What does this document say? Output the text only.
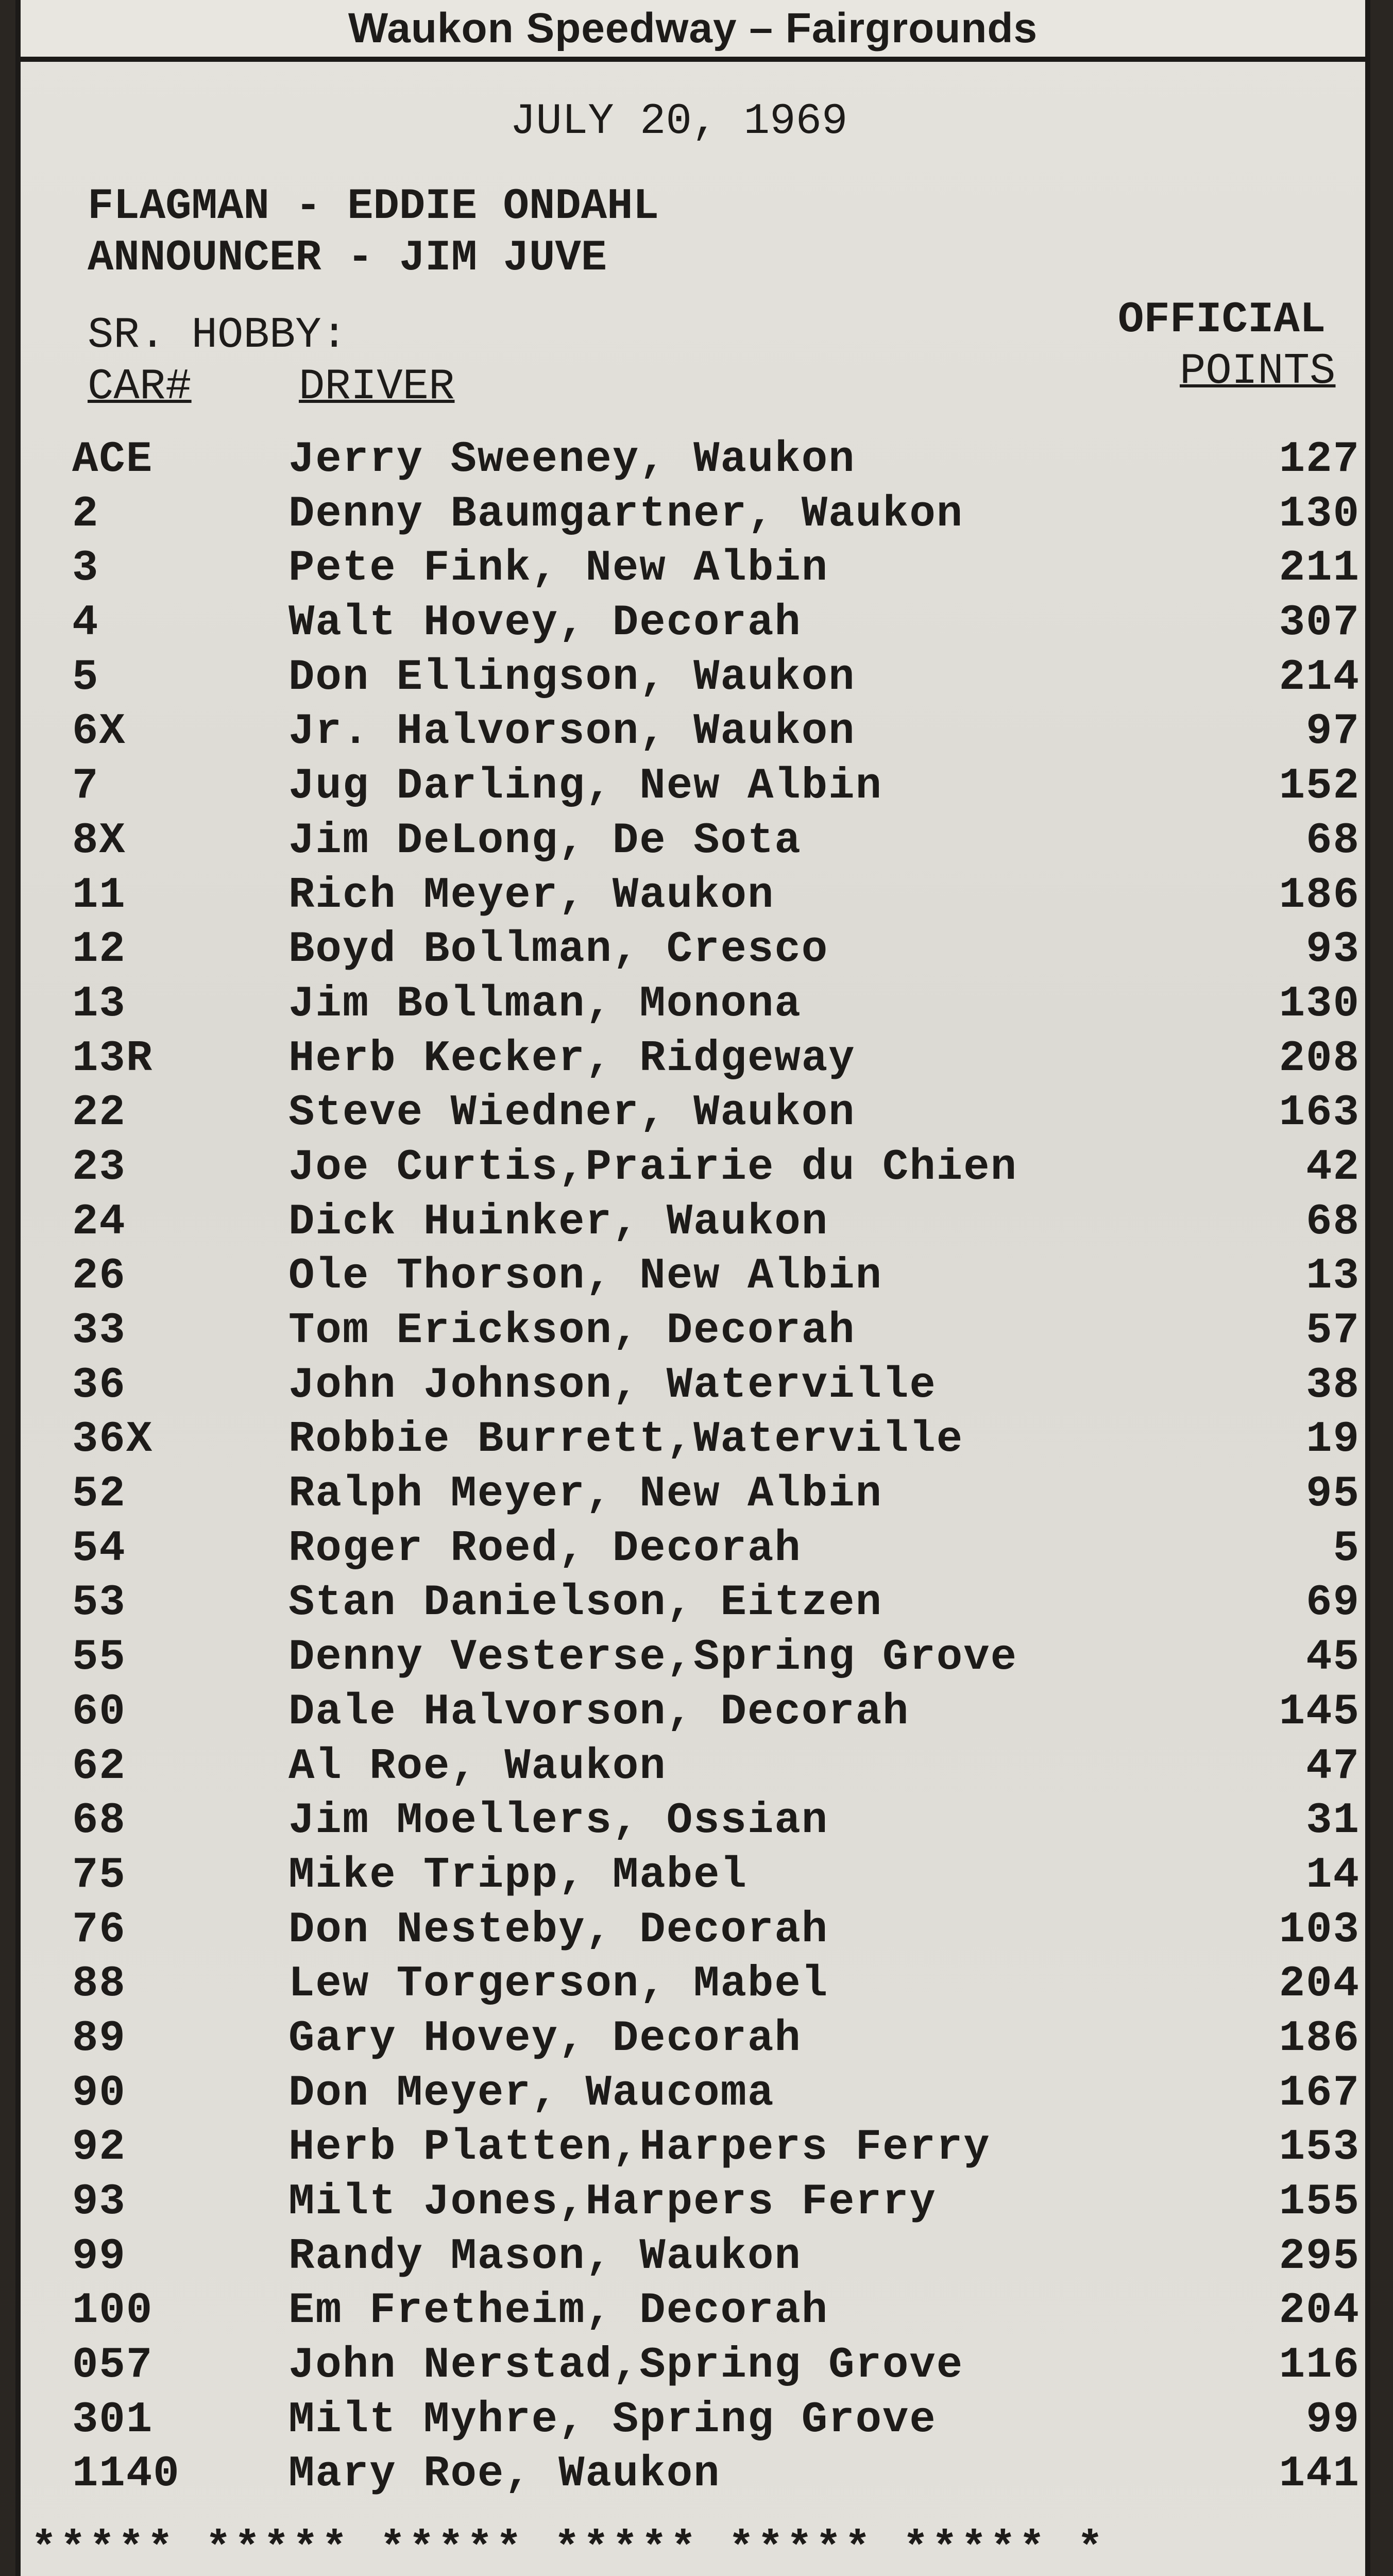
Waukon Speedway – Fairgrounds
JULY 20, 1969
FLAGMAN - EDDIE ONDAHL
ANNOUNCER - JIM JUVE
SR. HOBBY:	OFFICIAL
POINTS
CAR# DRIVER
ACE	Jerry Sweeney, Waukon	127
2	Denny Baumgartner, Waukon	130
3	Pete Fink, New Albin	211
4	Walt Hovey, Decorah	307
5	Don Ellingson, Waukon	214
6X	Jr. Halvorson, Waukon	97
7	Jug Darling, New Albin	152
8X	Jim DeLong, De Sota	68
11	Rich Meyer, Waukon	186
12	Boyd Bollman, Cresco	93
13	Jim Bollman, Monona	130
13R	Herb Kecker, Ridgeway	208
22	Steve Wiedner, Waukon	163
23	Joe Curtis,Prairie du Chien	42
24	Dick Huinker, Waukon	68
26	Ole Thorson, New Albin	13
33	Tom Erickson, Decorah	57
36	John Johnson, Waterville	38
36X	Robbie Burrett,Waterville	19
52	Ralph Meyer, New Albin	95
54	Roger Roed, Decorah	5
53	Stan Danielson, Eitzen	69
55	Denny Vesterse,Spring Grove	45
60	Dale Halvorson, Decorah	145
62	Al Roe, Waukon	47
68	Jim Moellers, Ossian	31
75	Mike Tripp, Mabel	14
76	Don Nesteby, Decorah	103
88	Lew Torgerson, Mabel	204
89	Gary Hovey, Decorah	186
90	Don Meyer, Waucoma	167
92	Herb Platten,Harpers Ferry	153
93	Milt Jones,Harpers Ferry	155
99	Randy Mason, Waukon	295
100	Em Fretheim, Decorah	204
057	John Nerstad,Spring Grove	116
301	Milt Myhre, Spring Grove	99
1140	Mary Roe, Waukon	141
***** ***** ***** ***** ***** ***** *
